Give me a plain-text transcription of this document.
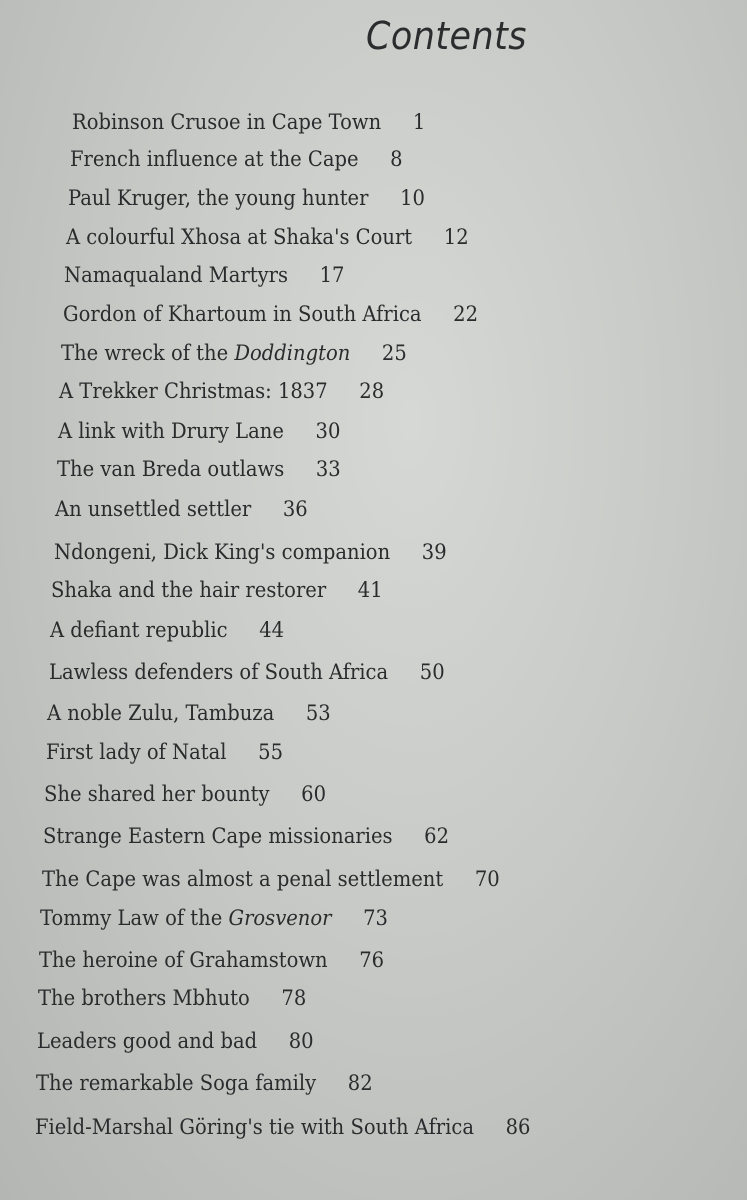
Contents
Robinson Crusoe in Cape Town 1
French influence at the Cape 8
Paul Kruger, the young hunter 10
A colourful Xhosa at Shaka's Court 12
Namaqualand Martyrs 17
Gordon of Khartoum in South Africa 22
The wreck of the Doddington 25
A Trekker Christmas: 1837 28
A link with Drury Lane 30
The van Breda outlaws 33
An unsettled settler 36
Ndongeni, Dick King's companion 39
Shaka and the hair restorer 41
A defiant republic 44
Lawless defenders of South Africa 50
A noble Zulu, Tambuza 53
First lady of Natal 55
She shared her bounty 60
Strange Eastern Cape missionaries 62
The Cape was almost a penal settlement 70
Tommy Law of the Grosvenor 73
The heroine of Grahamstown 76
The brothers Mbhuto 78
Leaders good and bad 80
The remarkable Soga family 82
Field-Marshal Göring's tie with South Africa 86
